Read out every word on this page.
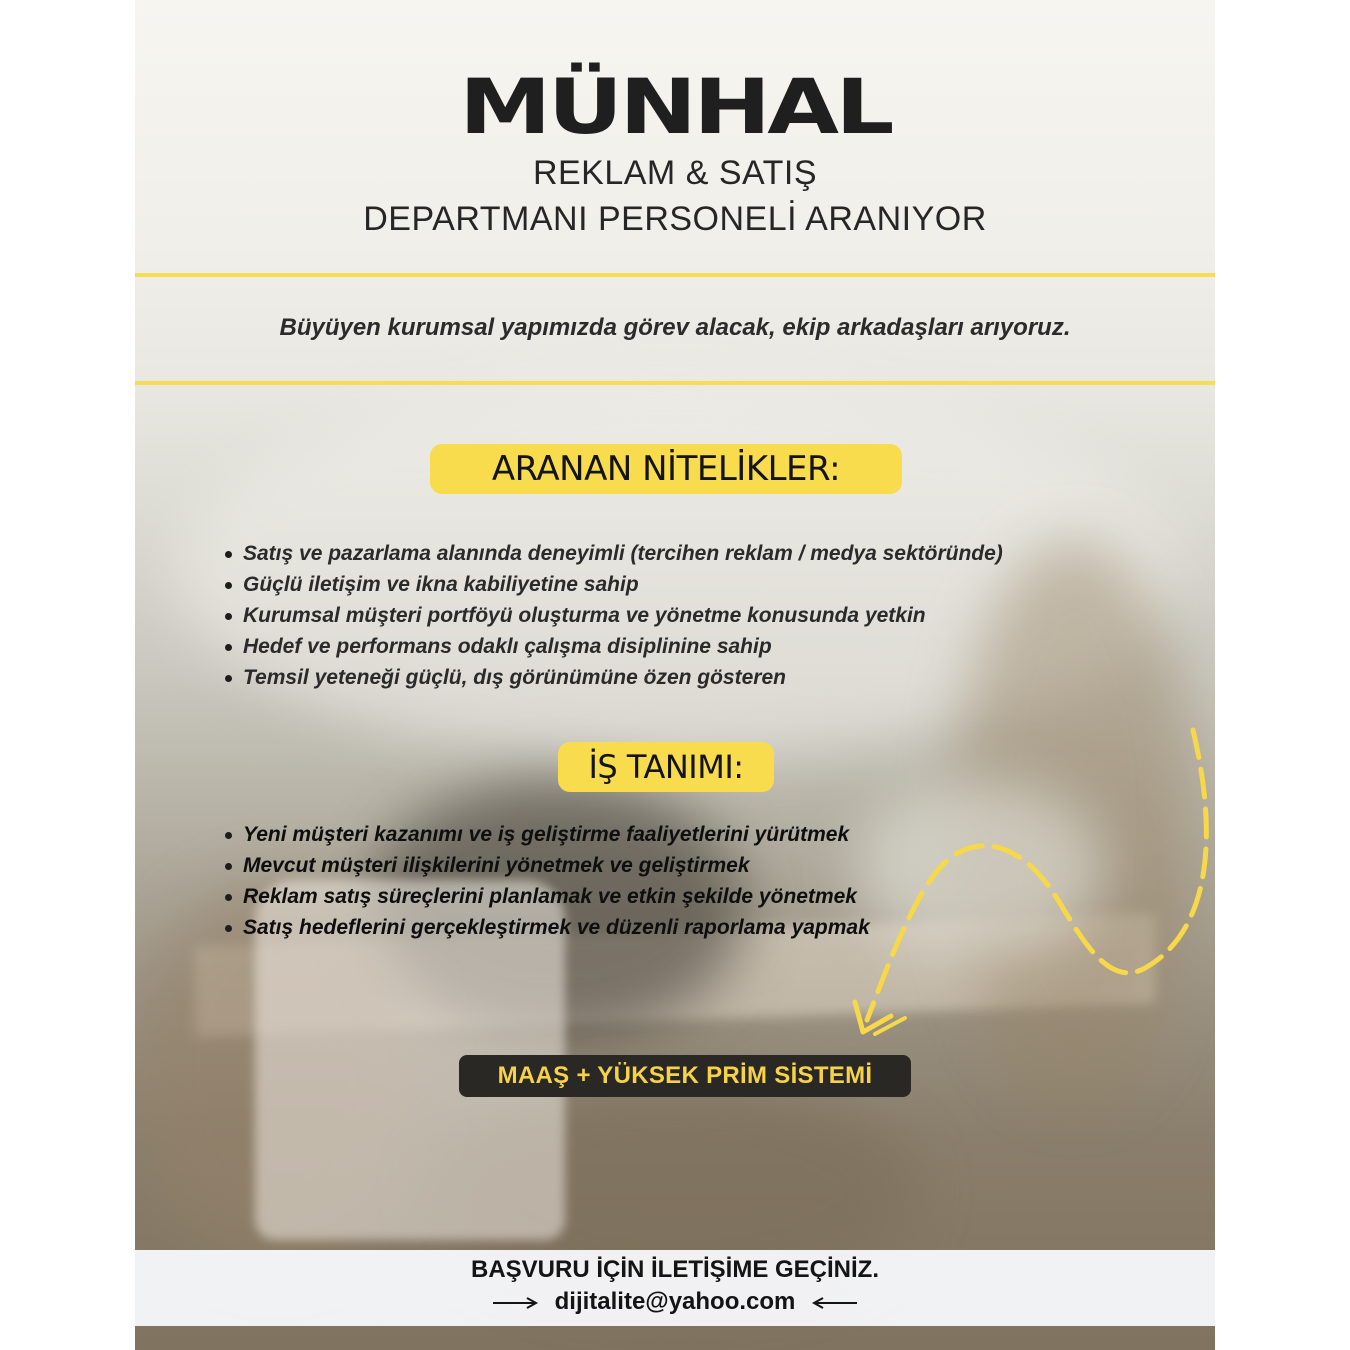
MÜNHAL
REKLAM & SATIŞ
DEPARTMANI PERSONELİ ARANIYOR
Büyüyen kurumsal yapımızda görev alacak, ekip arkadaşları arıyoruz.
ARANAN NİTELİKLER:
Satış ve pazarlama alanında deneyimli (tercihen reklam / medya sektöründe)
Güçlü iletişim ve ikna kabiliyetine sahip
Kurumsal müşteri portföyü oluşturma ve yönetme konusunda yetkin
Hedef ve performans odaklı çalışma disiplinine sahip
Temsil yeteneği güçlü, dış görünümüne özen gösteren
İŞ TANIMI:
Yeni müşteri kazanımı ve iş geliştirme faaliyetlerini yürütmek
Mevcut müşteri ilişkilerini yönetmek ve geliştirmek
Reklam satış süreçlerini planlamak ve etkin şekilde yönetmek
Satış hedeflerini gerçekleştirmek ve düzenli raporlama yapmak
MAAŞ + YÜKSEK PRİM SİSTEMİ
BAŞVURU İÇİN İLETİŞİME GEÇİNİZ.
dijitalite@yahoo.com
